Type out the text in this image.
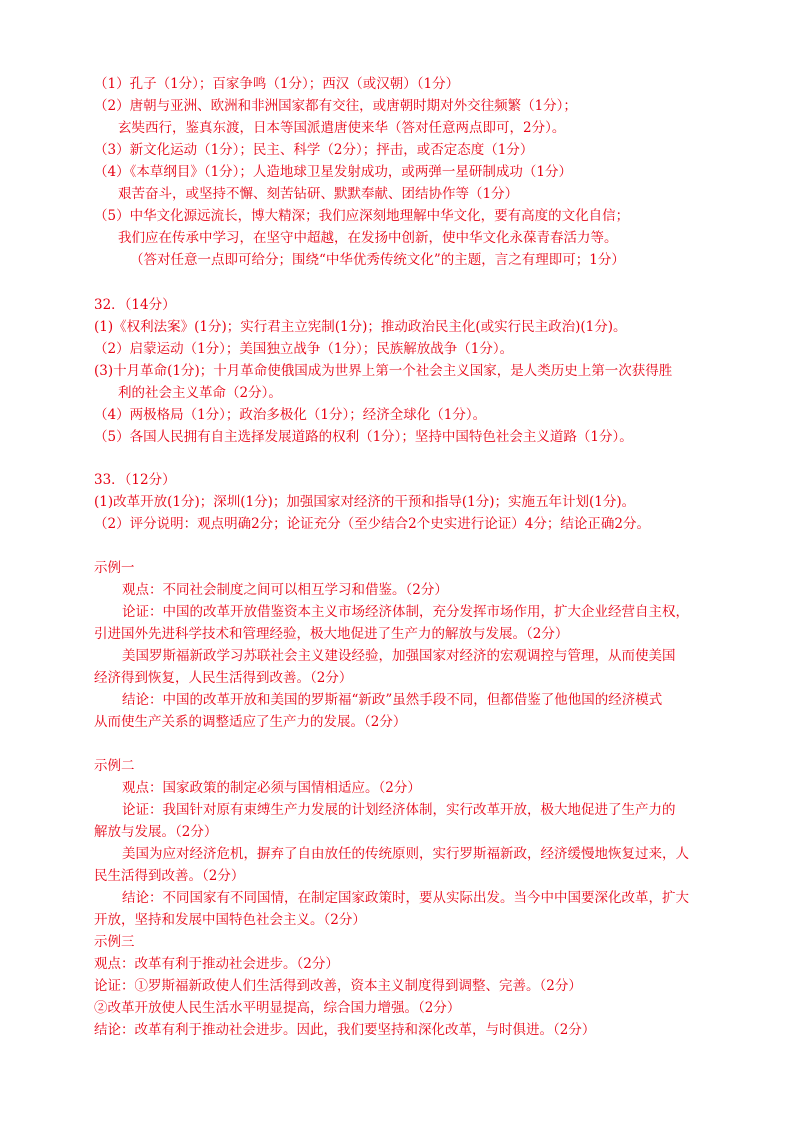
（1）孔子（1分）；百家争鸣（1分）；西汉（或汉朝）（1分）
（2）唐朝与亚洲、欧洲和非洲国家都有交往，或唐朝时期对外交往频繁（1分）；
玄奘西行，鉴真东渡，日本等国派遣唐使来华（答对任意两点即可，2分）。
（3）新文化运动（1分）；民主、科学（2分）；抨击，或否定态度（1分）
（4）《本草纲目》（1分）；人造地球卫星发射成功，或两弹一星研制成功（1分）
艰苦奋斗，或坚持不懈、刻苦钻研、默默奉献、团结协作等（1分）
（5）中华文化源远流长，博大精深；我们应深刻地理解中华文化，要有高度的文化自信；
我们应在传承中学习，在坚守中超越，在发扬中创新，使中华文化永葆青春活力等。
（答对任意一点即可给分；围绕“中华优秀传统文化”的主题，言之有理即可；1分）
32．（14分）
(1)《权利法案》(1分)；实行君主立宪制(1分)；推动政治民主化(或实行民主政治)(1分)。
（2）启蒙运动（1分）；美国独立战争（1分）；民族解放战争（1分）。
(3)十月革命(1分)；十月革命使俄国成为世界上第一个社会主义国家，是人类历史上第一次获得胜
利的社会主义革命（2分）。
（4）两极格局（1分）；政治多极化（1分）；经济全球化（1分）。
（5）各国人民拥有自主选择发展道路的权利（1分）；坚持中国特色社会主义道路（1分）。
33．（12分）
(1)改革开放(1分)；深圳(1分)；加强国家对经济的干预和指导(1分)；实施五年计划(1分)。
（2）评分说明：观点明确2分；论证充分（至少结合2个史实进行论证）4分；结论正确2分。
示例一
观点：不同社会制度之间可以相互学习和借鉴。（2分）
论证：中国的改革开放借鉴资本主义市场经济体制，充分发挥市场作用，扩大企业经营自主权，
引进国外先进科学技术和管理经验，极大地促进了生产力的解放与发展。（2分）
美国罗斯福新政学习苏联社会主义建设经验，加强国家对经济的宏观调控与管理，从而使美国
经济得到恢复，人民生活得到改善。（2分）
结论：中国的改革开放和美国的罗斯福“新政”虽然手段不同，但都借鉴了他他国的经济模式
从而使生产关系的调整适应了生产力的发展。（2分）
示例二
观点：国家政策的制定必须与国情相适应。（2分）
论证：我国针对原有束缚生产力发展的计划经济体制，实行改革开放，极大地促进了生产力的
解放与发展。（2分）
美国为应对经济危机，摒弃了自由放任的传统原则，实行罗斯福新政，经济缓慢地恢复过来，人
民生活得到改善。（2分）
结论：不同国家有不同国情，在制定国家政策时，要从实际出发。当今中中国要深化改革，扩大
开放，坚持和发展中国特色社会主义。（2分）
示例三
观点：改革有利于推动社会进步。（2分）
论证：①罗斯福新政使人们生活得到改善，资本主义制度得到调整、完善。（2分）
②改革开放使人民生活水平明显提高，综合国力增强。（2分）
结论：改革有利于推动社会进步。因此，我们要坚持和深化改革，与时俱进。（2分）
